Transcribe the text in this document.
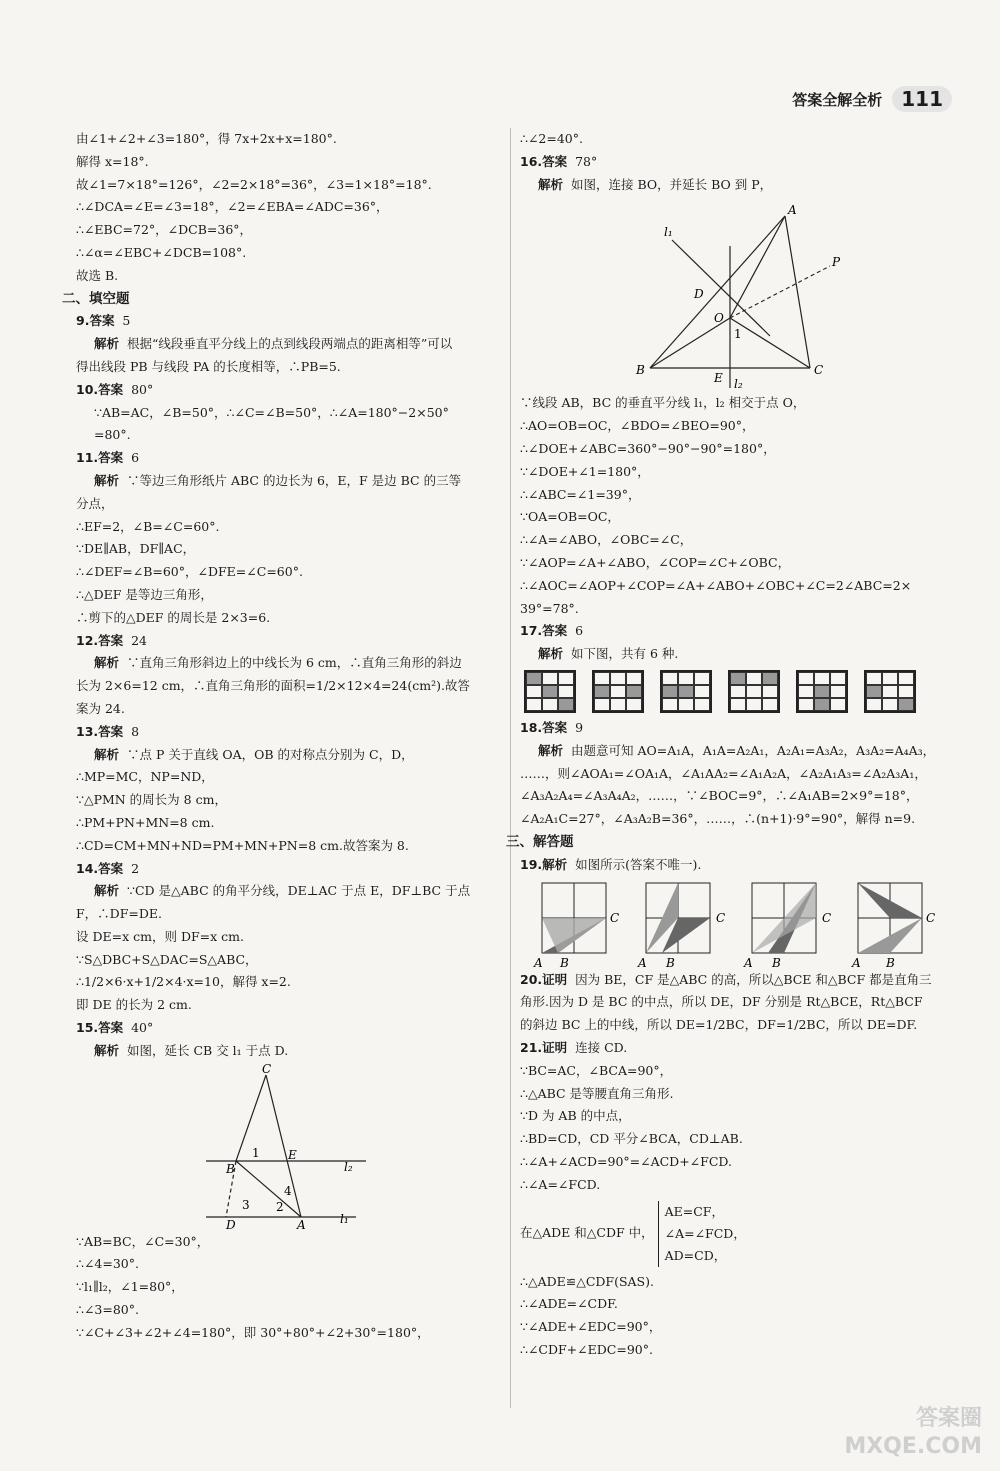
答案全解全析 111
由∠1+∠2+∠3=180°，得 7x+2x+x=180°.
解得 x=18°.
故∠1=7×18°=126°，∠2=2×18°=36°，∠3=1×18°=18°.
∴∠DCA=∠E=∠3=18°，∠2=∠EBA=∠ADC=36°，
∴∠EBC=72°，∠DCB=36°，
∴∠α=∠EBC+∠DCB=108°.
故选 B.
二、填空题
9.答案 5
解析 根据“线段垂直平分线上的点到线段两端点的距离相等”可以
得出线段 PB 与线段 PA 的长度相等，∴PB=5.
10.答案 80°
∵AB=AC，∠B=50°，∴∠C=∠B=50°，∴∠A=180°−2×50°
=80°.
11.答案 6
解析 ∵等边三角形纸片 ABC 的边长为 6，E，F 是边 BC 的三等
分点，
∴EF=2，∠B=∠C=60°.
∵DE∥AB，DF∥AC，
∴∠DEF=∠B=60°，∠DFE=∠C=60°.
∴△DEF 是等边三角形，
∴剪下的△DEF 的周长是 2×3=6.
12.答案 24
解析 ∵直角三角形斜边上的中线长为 6 cm，∴直角三角形的斜边
长为 2×6=12 cm，∴直角三角形的面积=1/2×12×4=24(cm²).故答
案为 24.
13.答案 8
解析 ∵点 P 关于直线 OA，OB 的对称点分别为 C，D，
∴MP=MC，NP=ND，
∵△PMN 的周长为 8 cm，
∴PM+PN+MN=8 cm.
∴CD=CM+MN+ND=PM+MN+PN=8 cm.故答案为 8.
14.答案 2
解析 ∵CD 是△ABC 的角平分线，DE⊥AC 于点 E，DF⊥BC 于点
F，∴DF=DE.
设 DE=x cm，则 DF=x cm.
∵S△DBC+S△DAC=S△ABC，
∴1/2×6·x+1/2×4·x=10，解得 x=2.
即 DE 的长为 2 cm.
15.答案 40°
解析 如图，延长 CB 交 l₁ 于点 D.
C
B
1 E
l₂
3
4
2
D	A	l₁
∵AB=BC，∠C=30°，
∴∠4=30°.
∵l₁∥l₂，∠1=80°，
∴∠3=80°.
∵∠C+∠3+∠2+∠4=180°，即 30°+80°+∠2+30°=180°，
∴∠2=40°.
16.答案 78°
解析 如图，连接 BO，并延长 BO 到 P，
A
l₁
P
D
O
1
B
E
C
l₂
∵线段 AB，BC 的垂直平分线 l₁，l₂ 相交于点 O，
∴AO=OB=OC，∠BDO=∠BEO=90°，
∴∠DOE+∠ABC=360°−90°−90°=180°，
∵∠DOE+∠1=180°，
∴∠ABC=∠1=39°，
∵OA=OB=OC，
∴∠A=∠ABO，∠OBC=∠C，
∵∠AOP=∠A+∠ABO，∠COP=∠C+∠OBC，
∴∠AOC=∠AOP+∠COP=∠A+∠ABO+∠OBC+∠C=2∠ABC=2×
39°=78°.
17.答案 6
解析 如下图，共有 6 种.
18.答案 9
解析 由题意可知 AO=A₁A，A₁A=A₂A₁，A₂A₁=A₃A₂，A₃A₂=A₄A₃，
……，则∠AOA₁=∠OA₁A，∠A₁AA₂=∠A₁A₂A，∠A₂A₁A₃=∠A₂A₃A₁，
∠A₃A₂A₄=∠A₃A₄A₂，……，∵∠BOC=9°，∴∠A₁AB=2×9°=18°，
∠A₂A₁C=27°，∠A₃A₂B=36°，……，∴(n+1)·9°=90°，解得 n=9.
三、解答题
19.解析 如图所示(答案不唯一).
A B
C
A B
C
A B
C
A B
C
20.证明 因为 BE，CF 是△ABC 的高，所以△BCE 和△BCF 都是直角三
角形.因为 D 是 BC 的中点，所以 DE，DF 分别是 Rt△BCE，Rt△BCF
的斜边 BC 上的中线，所以 DE=1/2BC，DF=1/2BC，所以 DE=DF.
21.证明 连接 CD.
∵BC=AC，∠BCA=90°，
∴△ABC 是等腰直角三角形.
∵D 为 AB 的中点，
∴BD=CD，CD 平分∠BCA，CD⊥AB.
∴∠A+∠ACD=90°=∠ACD+∠FCD.
∴∠A=∠FCD.
在△ADE 和△CDF 中，
AE=CF，
∠A=∠FCD，
AD=CD，
∴△ADE≌△CDF(SAS).
∴∠ADE=∠CDF.
∵∠ADE+∠EDC=90°，
∴∠CDF+∠EDC=90°.
答案圈
MXQE.COM
